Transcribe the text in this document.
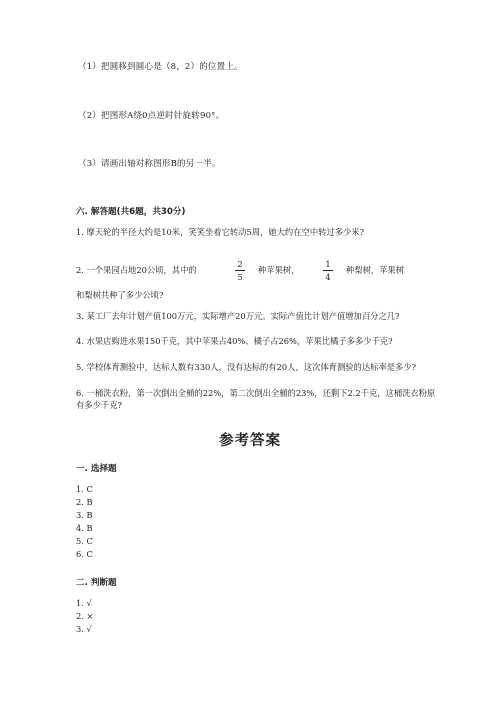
（1）把圆移到圆心是（8，2）的位置上。
（2）把图形A绕0点逆时针旋转90°。
（3）请画出轴对称图形B的另一半。
六. 解答题(共6题，共30分)
1. 摩天轮的半径大约是10米，笑笑坐着它转动5周，她大约在空中转过多少米?
2. 一个果园占地20公顷，其中的
2
5
种苹果树，
1
4
种梨树，苹果树
和梨树共种了多少公顷?
3. 某工厂去年计划产值100万元，实际增产20万元。实际产值比计划产值增加百分之几?
4. 水果店购进水果150千克，其中苹果占40%、橘子占26%，苹果比橘子多多少千克?
5. 学校体育测验中，达标人数有330人，没有达标的有20人，这次体育测验的达标率是多少?
6. 一桶洗衣粉，第一次倒出全桶的22%，第二次倒出全桶的23%，还剩下2.2千克，这桶洗衣粉原有多少千克?
参考答案
一. 选择题
1. C
2. B
3. B
4. B
5. C
6. C
二. 判断题
1. √
2. ×
3. √
